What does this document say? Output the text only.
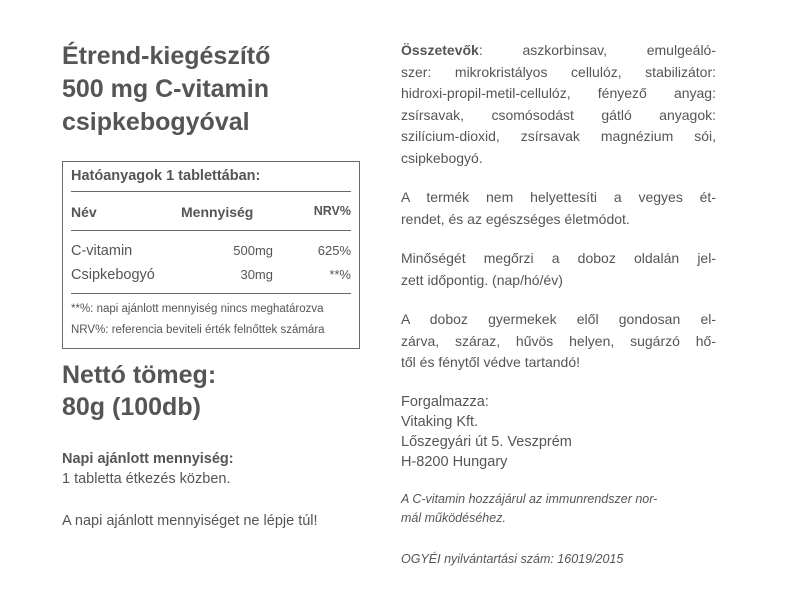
Étrend-kiegészítő
500 mg C-vitamin
csipkebogyóval
Hatóanyagok 1 tablettában:
Név	Mennyiség	NRV%
C-vitamin	500mg	625%
Csipkebogyó	30mg	**%
**%: napi ajánlott mennyiség nincs meghatározva
NRV%: referencia beviteli érték felnőttek számára
Nettó tömeg:
80g (100db)
Napi ajánlott mennyiség:
1 tabletta étkezés közben.
A napi ajánlott mennyiséget ne lépje túl!
Összetevők: aszkorbinsav, emulgeáló-
szer: mikrokristályos cellulóz, stabilizátor:
hidroxi-propil-metil-cellulóz, fényező anyag:
zsírsavak, csomósodást gátló anyagok:
szilícium-dioxid, zsírsavak magnézium sói,
csipkebogyó.
A termék nem helyettesíti a vegyes ét-
rendet, és az egészséges életmódot.
Minőségét megőrzi a doboz oldalán jel-
zett időpontig. (nap/hó/év)
A doboz gyermekek elől gondosan el-
zárva, száraz, hűvös helyen, sugárzó hő-
től és fénytől védve tartandó!
Forgalmazza:
Vitaking Kft.
Lőszegyári út 5. Veszprém
H-8200 Hungary
A C-vitamin hozzájárul az immunrendszer nor-
mál működéséhez.
OGYÉI nyilvántartási szám: 16019/2015
